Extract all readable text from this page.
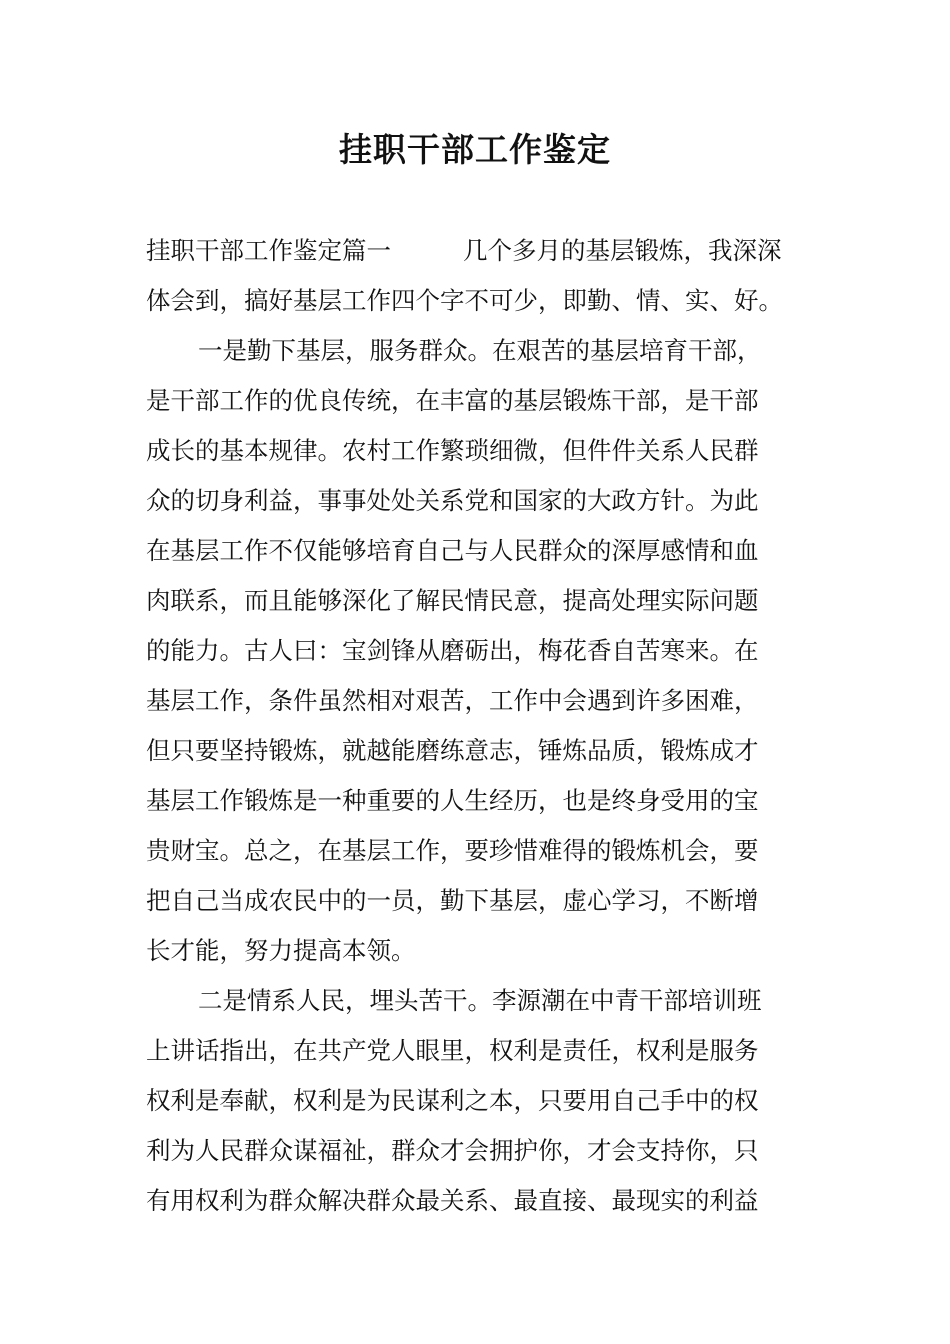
挂职干部工作鉴定
挂职干部工作鉴定篇一	几个多月的基层锻炼，我深深
体会到，搞好基层工作四个字不可少，即勤、情、实、好。
一是勤下基层，服务群众。在艰苦的基层培育干部，
是干部工作的优良传统，在丰富的基层锻炼干部，是干部
成长的基本规律。农村工作繁琐细微，但件件关系人民群
众的切身利益，事事处处关系党和国家的大政方针。为此
在基层工作不仅能够培育自己与人民群众的深厚感情和血
肉联系，而且能够深化了解民情民意，提高处理实际问题
的能力。古人曰：宝剑锋从磨砺出，梅花香自苦寒来。在
基层工作，条件虽然相对艰苦，工作中会遇到许多困难，
但只要坚持锻炼，就越能磨练意志，锤炼品质，锻炼成才
基层工作锻炼是一种重要的人生经历，也是终身受用的宝
贵财宝。总之，在基层工作，要珍惜难得的锻炼机会，要
把自己当成农民中的一员，勤下基层，虚心学习，不断增
长才能，努力提高本领。
二是情系人民，埋头苦干。李源潮在中青干部培训班
上讲话指出，在共产党人眼里，权利是责任，权利是服务
权利是奉献，权利是为民谋利之本，只要用自己手中的权
利为人民群众谋福祉，群众才会拥护你，才会支持你，只
有用权利为群众解决群众最关系、最直接、最现实的利益
